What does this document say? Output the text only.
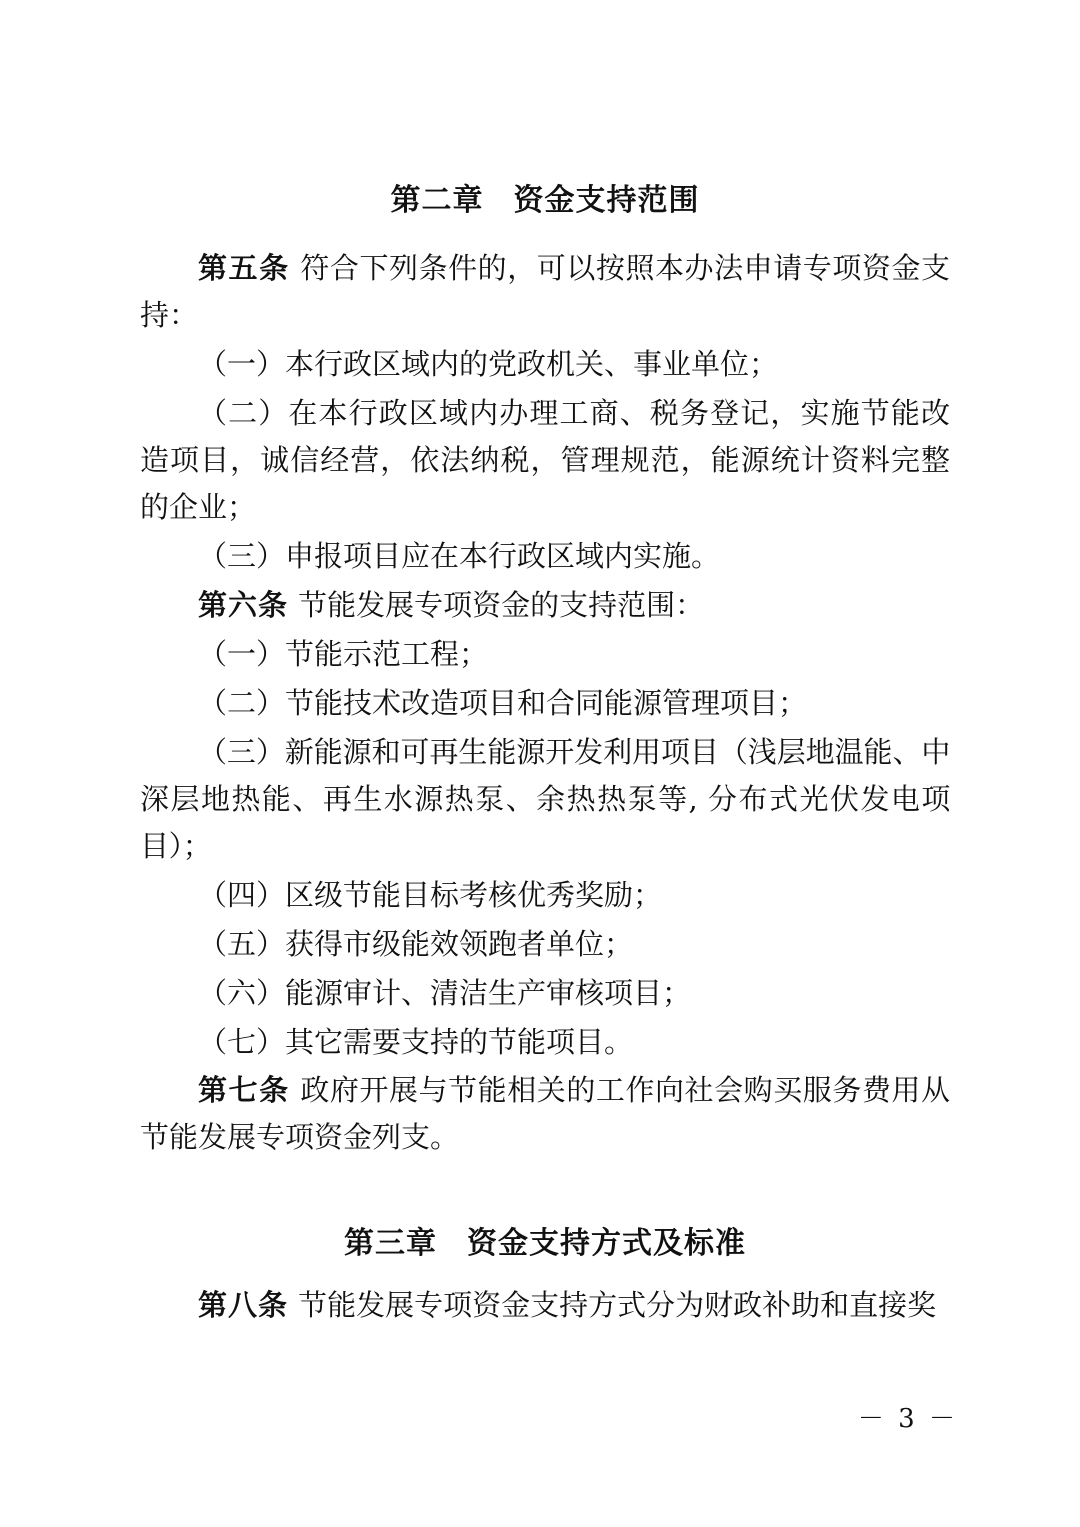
第二章 资金支持范围

第五条 符合下列条件的，可以按照本办法申请专项资金支持：

（一）本行政区域内的党政机关、事业单位；

（二）在本行政区域内办理工商、税务登记，实施节能改造项目，诚信经营，依法纳税，管理规范，能源统计资料完整的企业；

（三）申报项目应在本行政区域内实施。

第六条 节能发展专项资金的支持范围：

（一）节能示范工程；

（二）节能技术改造项目和合同能源管理项目；

（三）新能源和可再生能源开发利用项目（浅层地温能、中深层地热能、再生水源热泵、余热热泵等, 分布式光伏发电项目）；

（四）区级节能目标考核优秀奖励；

（五）获得市级能效领跑者单位；

（六）能源审计、清洁生产审核项目；

（七）其它需要支持的节能项目。

第七条 政府开展与节能相关的工作向社会购买服务费用从节能发展专项资金列支。

第三章 资金支持方式及标准

第八条 节能发展专项资金支持方式分为财政补助和直接奖

－ 3 －
